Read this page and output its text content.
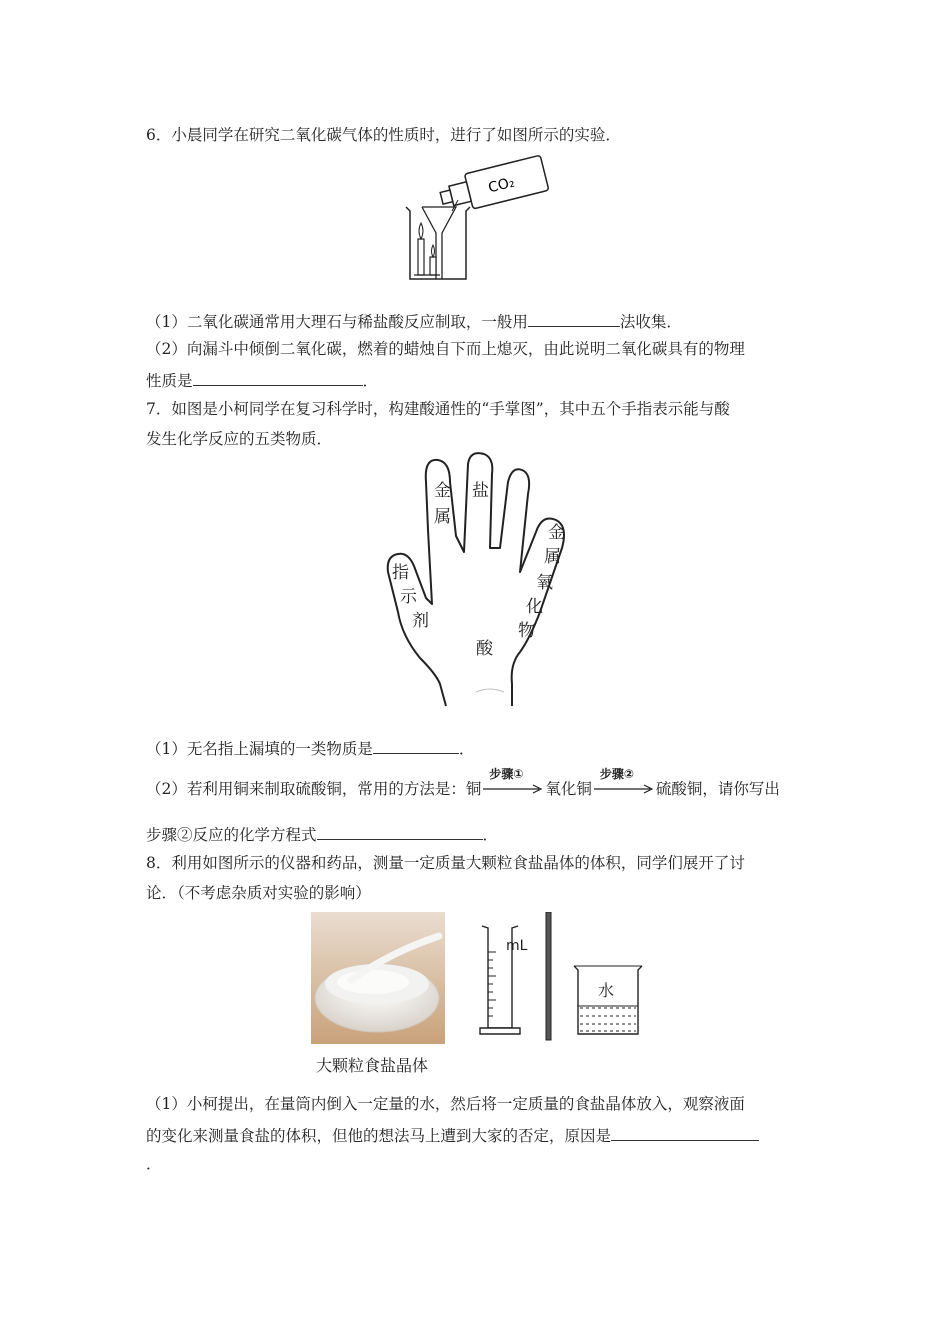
6．小晨同学在研究二氧化碳气体的性质时，进行了如图所示的实验．
CO₂
（1）二氧化碳通常用大理石与稀盐酸反应制取，一般用	法收集．
（2）向漏斗中倾倒二氧化碳，燃着的蜡烛自下而上熄灭，由此说明二氧化碳具有的物理
性质是	．
7．如图是小柯同学在复习科学时，构建酸通性的“手掌图”，其中五个手指表示能与酸
发生化学反应的五类物质．
金
属
盐
金
属
氧
化
物
指
示
剂
酸
（1）无名指上漏填的一类物质是	．
（2）若利用铜来制取硫酸铜，常用的方法是：铜
步骤①
氧化铜
步骤②
硫酸铜，请你写出
步骤②反应的化学方程式	．
8．利用如图所示的仪器和药品，测量一定质量大颗粒食盐晶体的体积，同学们展开了讨
论．（不考虑杂质对实验的影响）
大颗粒食盐晶体
mL
水
（1）小柯提出，在量筒内倒入一定量的水，然后将一定质量的食盐晶体放入，观察液面
的变化来测量食盐的体积，但他的想法马上遭到大家的否定，原因是
．
